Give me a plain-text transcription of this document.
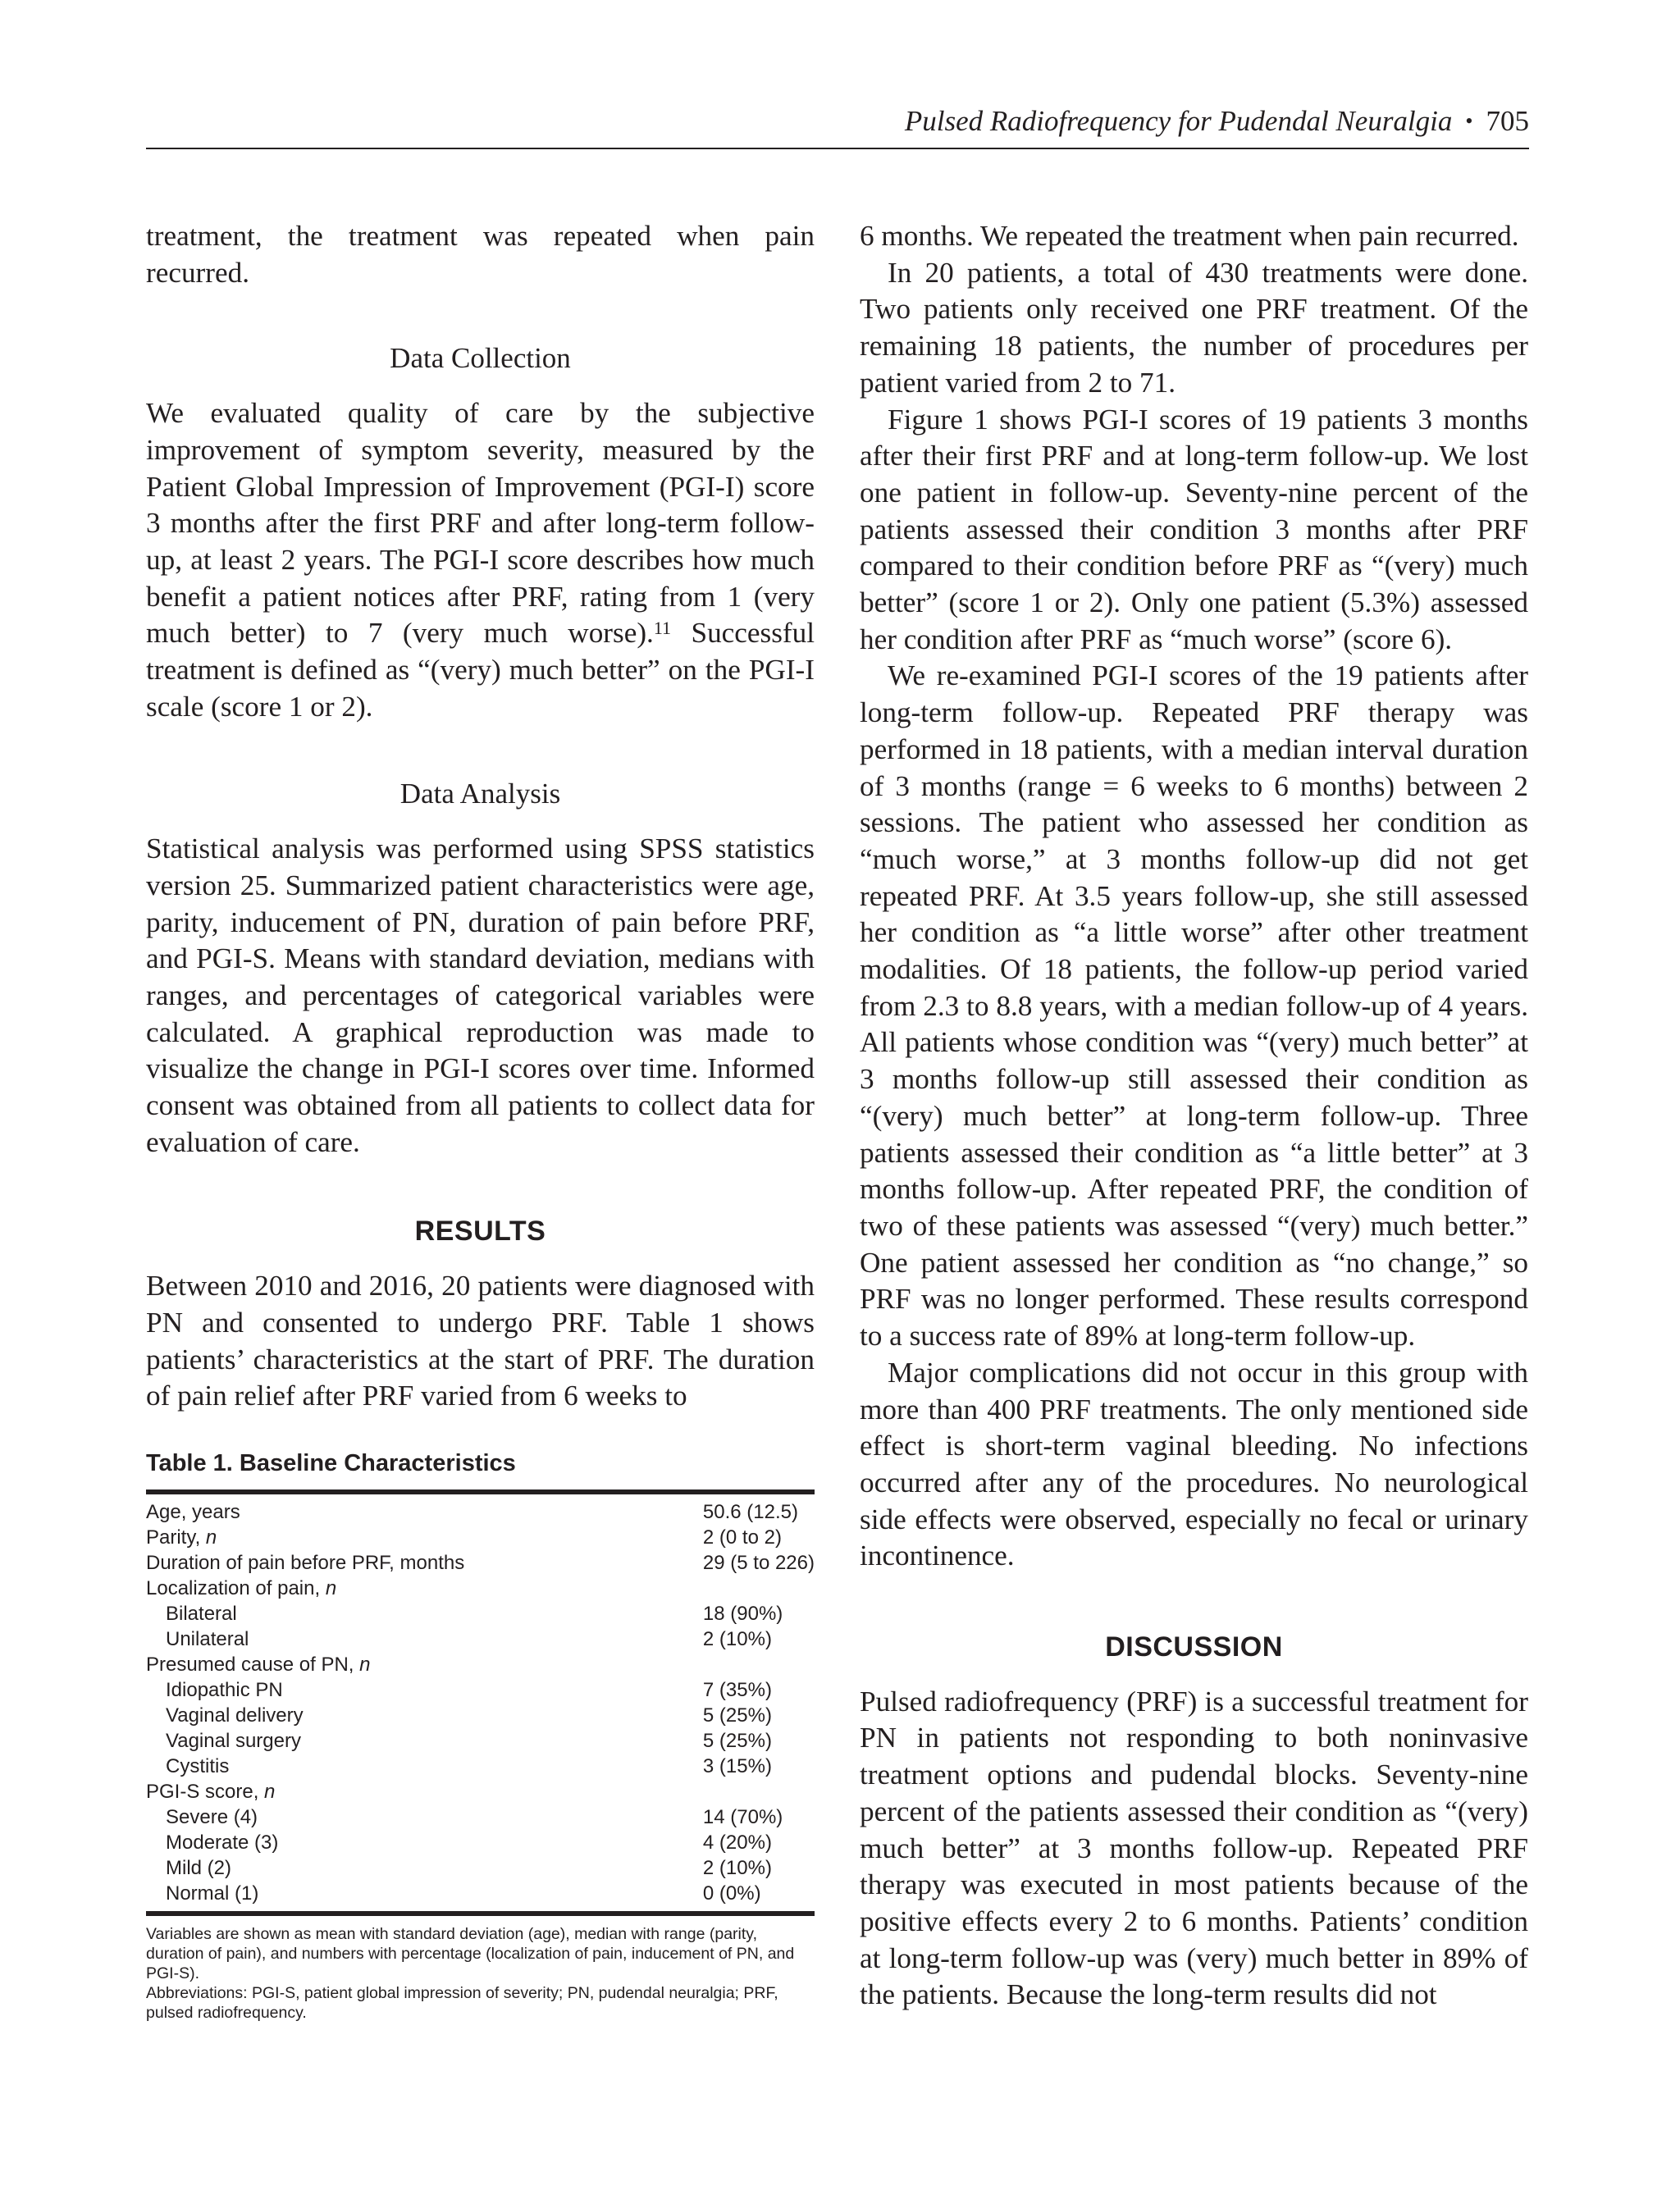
Pulsed Radiofrequency for Pudendal Neuralgia • 705

treatment, the treatment was repeated when pain recurred.

Data Collection

We evaluated quality of care by the subjective improvement of symptom severity, measured by the Patient Global Impression of Improvement (PGI-I) score 3 months after the first PRF and after long-term follow-up, at least 2 years. The PGI-I score describes how much benefit a patient notices after PRF, rating from 1 (very much better) to 7 (very much worse).$^{11}$ Successful treatment is defined as “(very) much better” on the PGI-I scale (score 1 or 2).

Data Analysis

Statistical analysis was performed using SPSS statistics version 25. Summarized patient characteristics were age, parity, inducement of PN, duration of pain before PRF, and PGI-S. Means with standard deviation, medians with ranges, and percentages of categorical variables were calculated. A graphical reproduction was made to visualize the change in PGI-I scores over time. Informed consent was obtained from all patients to collect data for evaluation of care.

RESULTS

Between 2010 and 2016, 20 patients were diagnosed with PN and consented to undergo PRF. Table 1 shows patients’ characteristics at the start of PRF. The duration of pain relief after PRF varied from 6 weeks to

Table 1. Baseline Characteristics
Age, years	50.6 (12.5)
Parity, n	2 (0 to 2)
Duration of pain before PRF, months	29 (5 to 226)
Localization of pain, n	
Bilateral	18 (90%)
Unilateral	2 (10%)
Presumed cause of PN, n	
Idiopathic PN	7 (35%)
Vaginal delivery	5 (25%)
Vaginal surgery	5 (25%)
Cystitis	3 (15%)
PGI-S score, n	
Severe (4)	14 (70%)
Moderate (3)	4 (20%)
Mild (2)	2 (10%)
Normal (1)	0 (0%)

Variables are shown as mean with standard deviation (age), median with range (parity, duration of pain), and numbers with percentage (localization of pain, inducement of PN, and PGI-S).

Abbreviations: PGI-S, patient global impression of severity; PN, pudendal neuralgia; PRF, pulsed radiofrequency.

6 months. We repeated the treatment when pain recurred.

In 20 patients, a total of 430 treatments were done. Two patients only received one PRF treatment. Of the remaining 18 patients, the number of procedures per patient varied from 2 to 71.

Figure 1 shows PGI-I scores of 19 patients 3 months after their first PRF and at long-term follow-up. We lost one patient in follow-up. Seventy-nine percent of the patients assessed their condition 3 months after PRF compared to their condition before PRF as “(very) much better” (score 1 or 2). Only one patient (5.3%) assessed her condition after PRF as “much worse” (score 6).

We re-examined PGI-I scores of the 19 patients after long-term follow-up. Repeated PRF therapy was performed in 18 patients, with a median interval duration of 3 months (range = 6 weeks to 6 months) between 2 sessions. The patient who assessed her condition as “much worse,” at 3 months follow-up did not get repeated PRF. At 3.5 years follow-up, she still assessed her condition as “a little worse” after other treatment modalities. Of 18 patients, the follow-up period varied from 2.3 to 8.8 years, with a median follow-up of 4 years. All patients whose condition was “(very) much better” at 3 months follow-up still assessed their condition as “(very) much better” at long-term follow-up. Three patients assessed their condition as “a little better” at 3 months follow-up. After repeated PRF, the condition of two of these patients was assessed “(very) much better.” One patient assessed her condition as “no change,” so PRF was no longer performed. These results correspond to a success rate of 89% at long-term follow-up.

Major complications did not occur in this group with more than 400 PRF treatments. The only mentioned side effect is short-term vaginal bleeding. No infections occurred after any of the procedures. No neurological side effects were observed, especially no fecal or urinary incontinence.

DISCUSSION

Pulsed radiofrequency (PRF) is a successful treatment for PN in patients not responding to both noninvasive treatment options and pudendal blocks. Seventy-nine percent of the patients assessed their condition as “(very) much better” at 3 months follow-up. Repeated PRF therapy was executed in most patients because of the positive effects every 2 to 6 months. Patients’ condition at long-term follow-up was (very) much better in 89% of the patients. Because the long-term results did not
